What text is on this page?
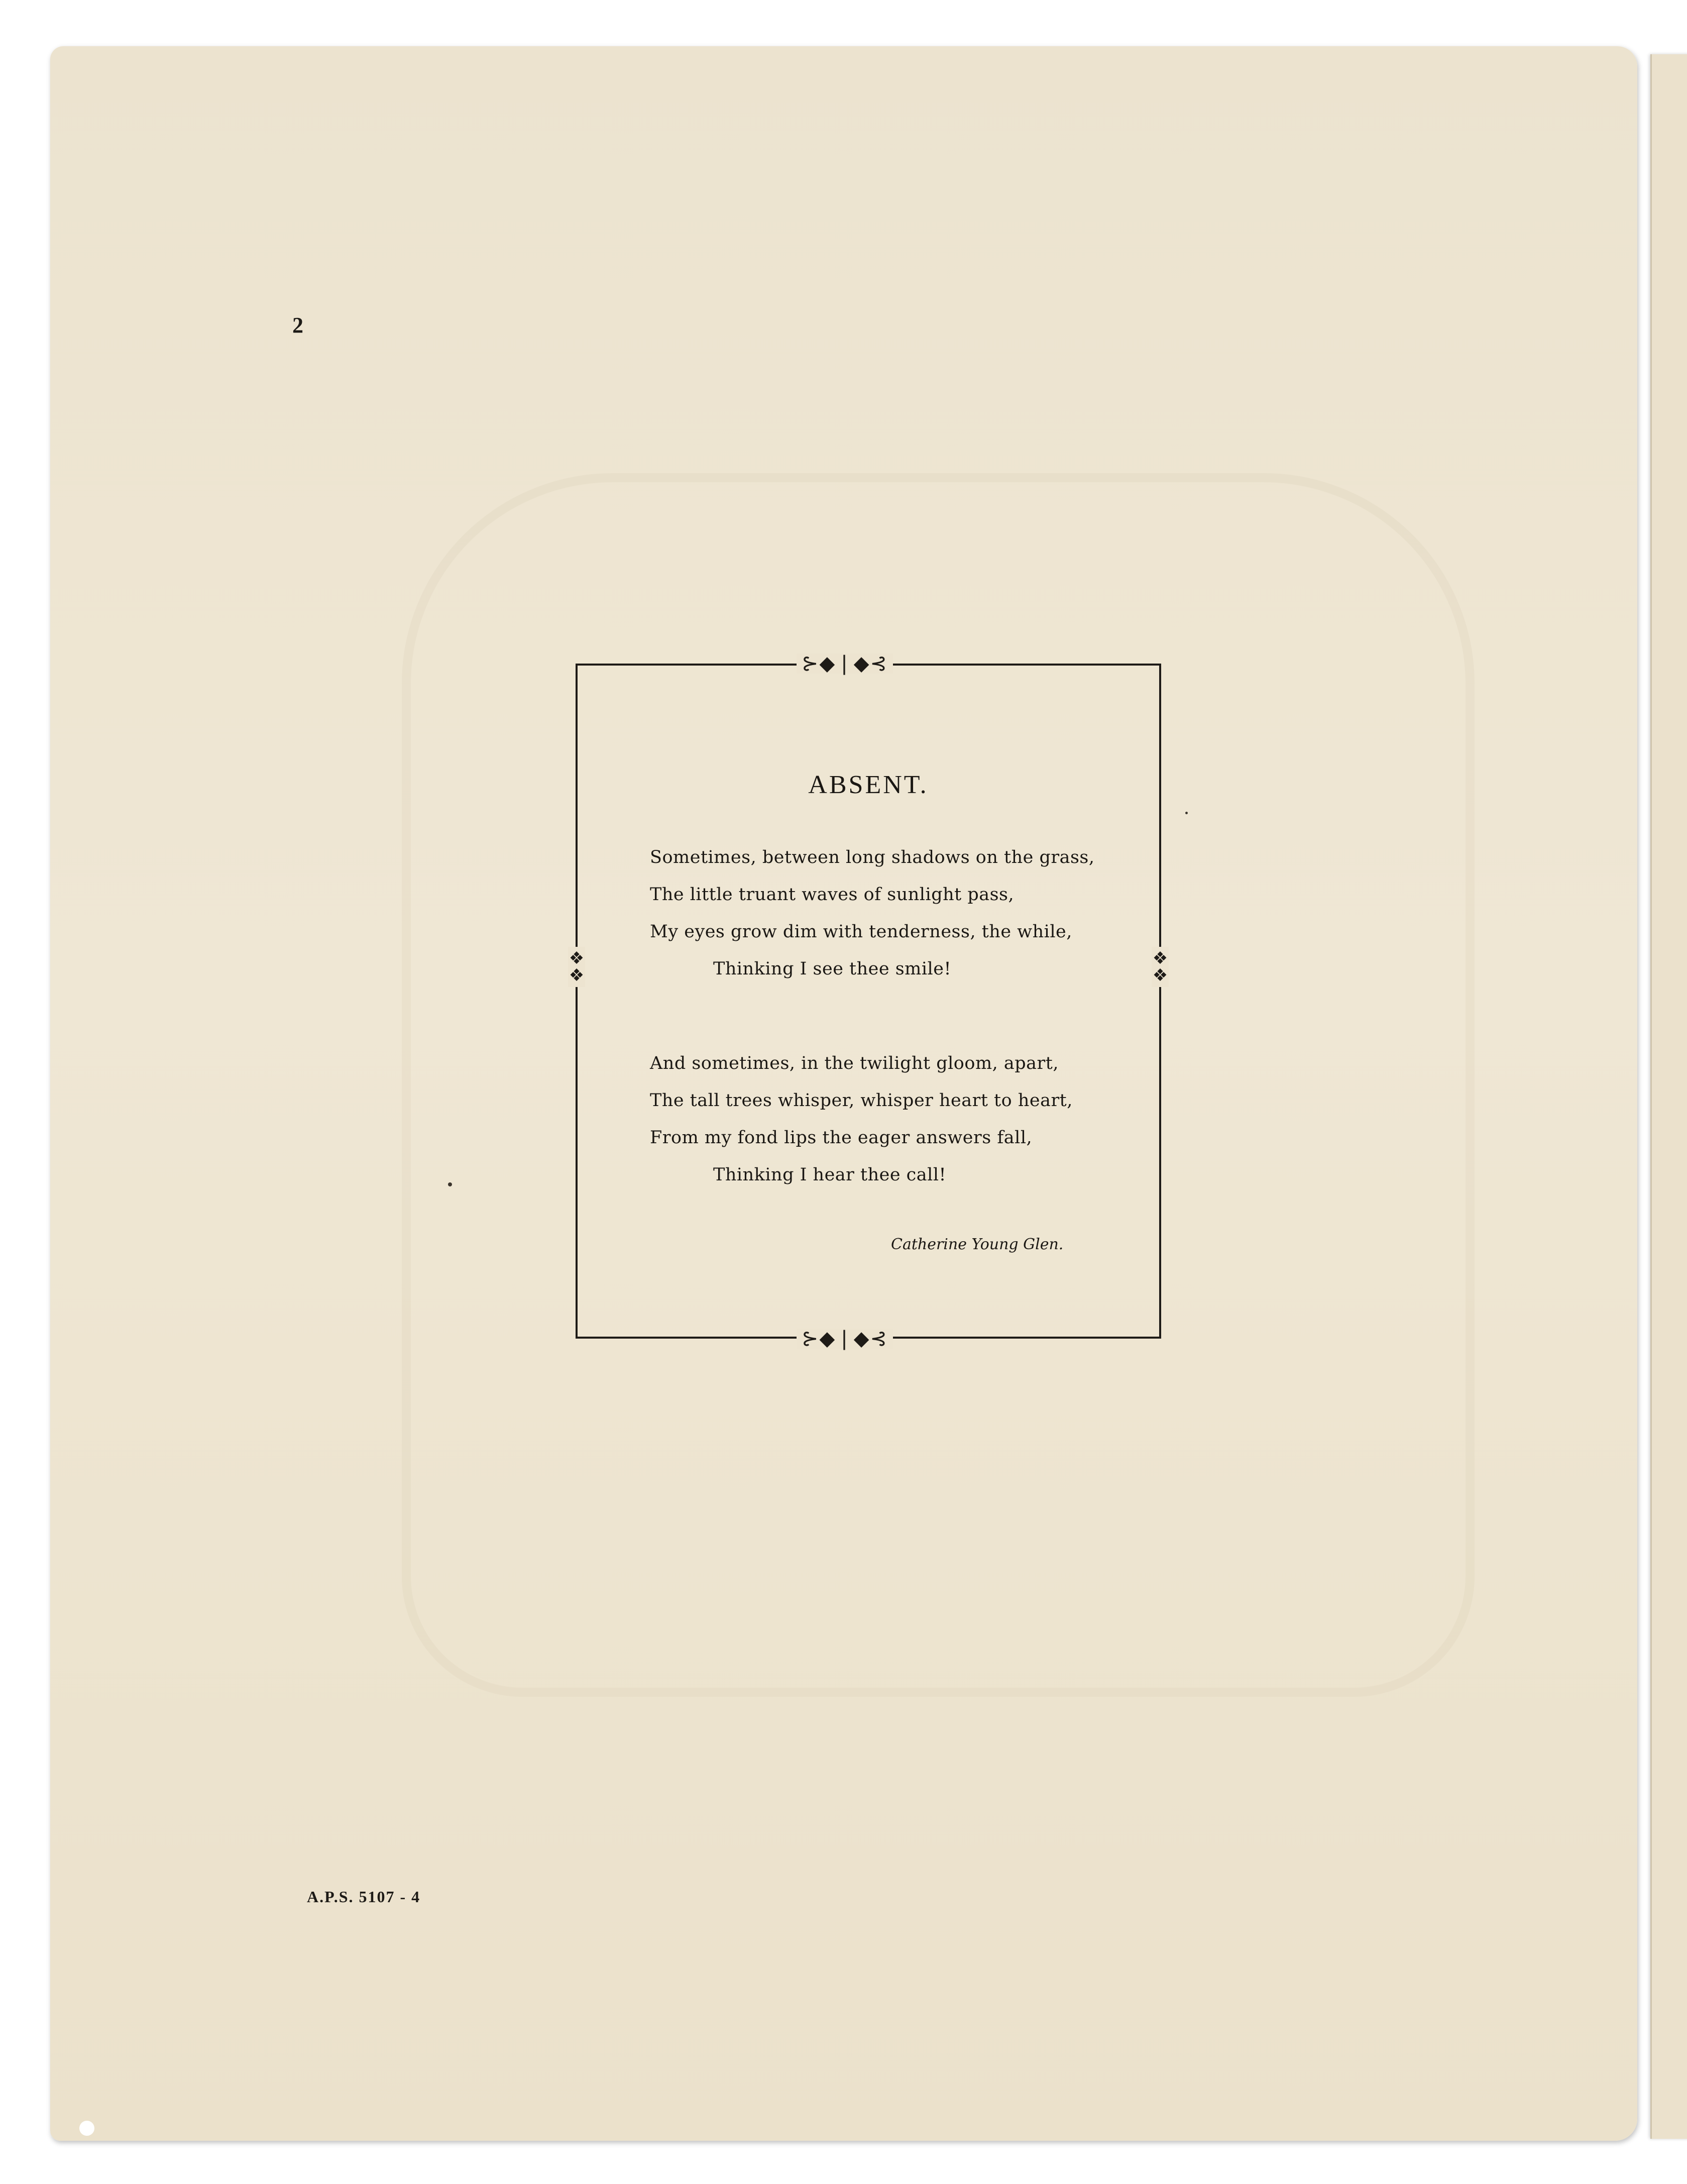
2
⊱◆❘◆⊰
⊱◆❘◆⊰
❖
❖
❖
❖
ABSENT.
Sometimes, between long shadows on the grass,
The little truant waves of sunlight pass,
My eyes grow dim with tenderness, the while,
Thinking I see thee smile!
And sometimes, in the twilight gloom, apart,
The tall trees whisper, whisper heart to heart,
From my fond lips the eager answers fall,
Thinking I hear thee call!
Catherine Young Glen.
A.P.S. 5107 - 4
